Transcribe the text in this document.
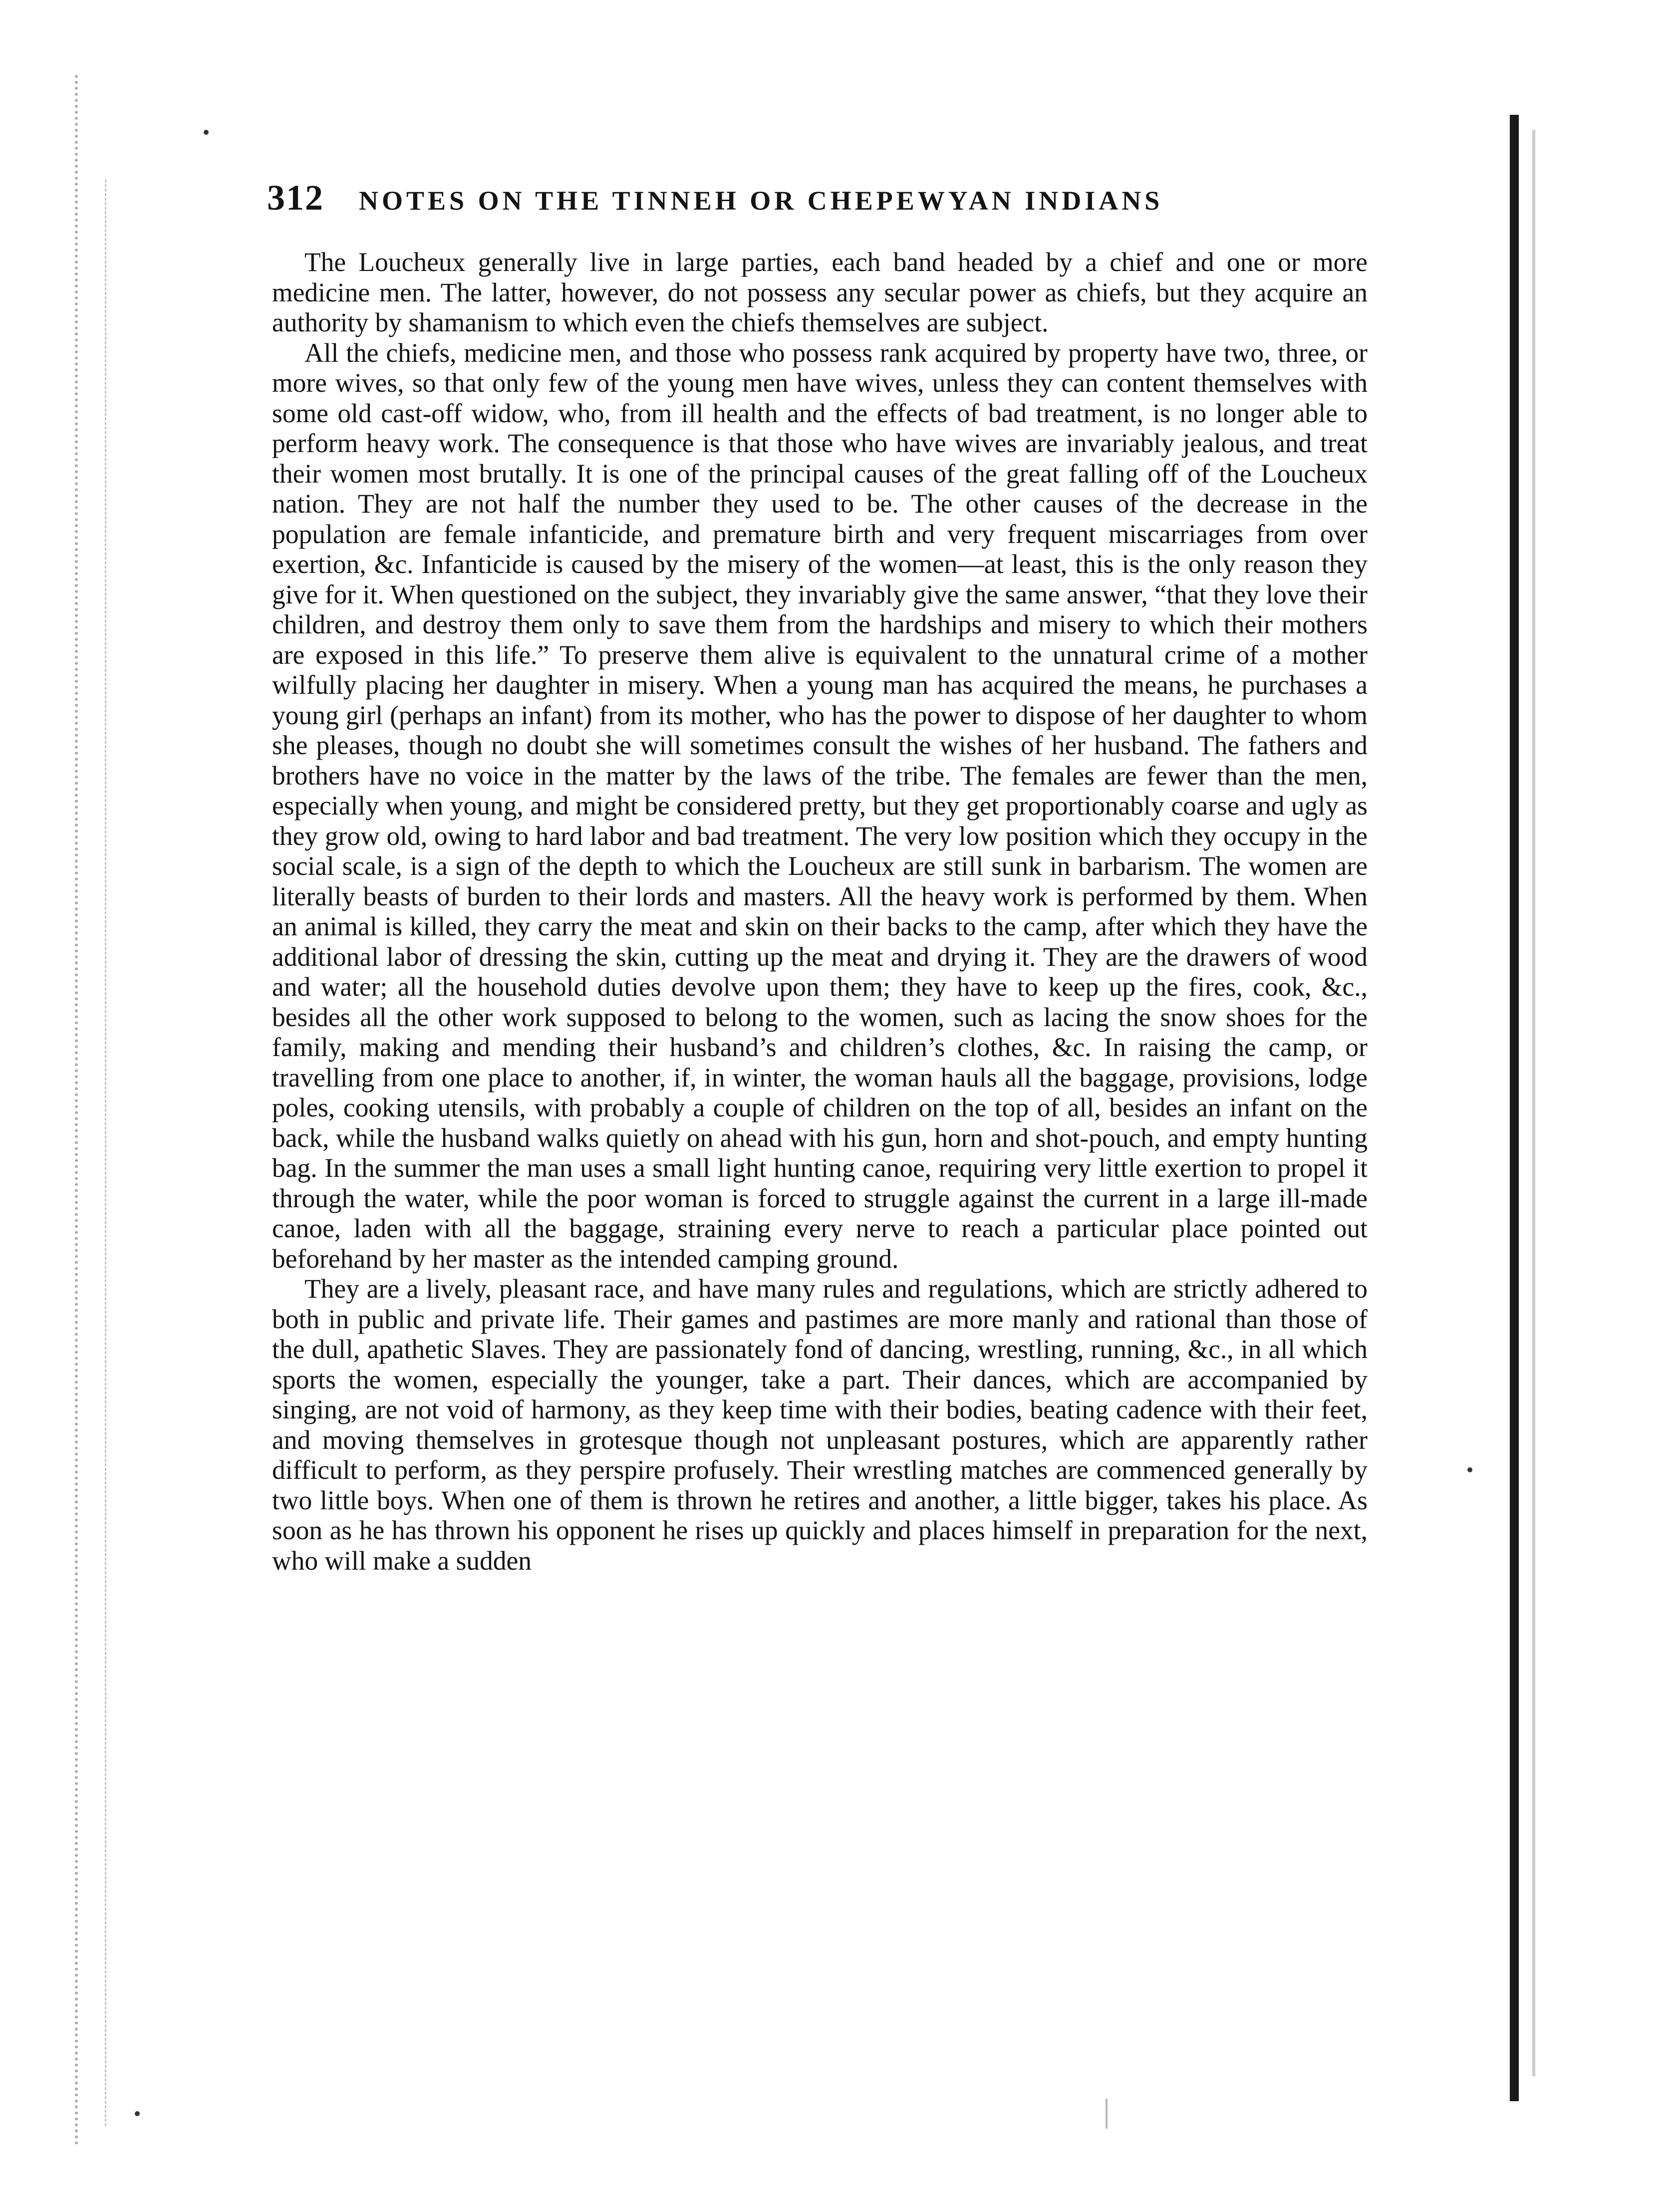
312 NOTES ON THE TINNEH OR CHEPEWYAN INDIANS

The Loucheux generally live in large parties, each band headed by a chief and one or more medicine men. The latter, however, do not possess any secular power as chiefs, but they acquire an authority by shamanism to which even the chiefs themselves are subject.

All the chiefs, medicine men, and those who possess rank acquired by property have two, three, or more wives, so that only few of the young men have wives, unless they can content themselves with some old cast-off widow, who, from ill health and the effects of bad treatment, is no longer able to perform heavy work. The consequence is that those who have wives are invariably jealous, and treat their women most brutally. It is one of the principal causes of the great falling off of the Loucheux nation. They are not half the number they used to be. The other causes of the decrease in the population are female infanticide, and premature birth and very frequent miscarriages from over exertion, &c. Infanticide is caused by the misery of the women—at least, this is the only reason they give for it. When questioned on the subject, they invariably give the same answer, “that they love their children, and destroy them only to save them from the hardships and misery to which their mothers are exposed in this life.” To preserve them alive is equivalent to the unnatural crime of a mother wilfully placing her daughter in misery. When a young man has acquired the means, he purchases a young girl (perhaps an infant) from its mother, who has the power to dispose of her daughter to whom she pleases, though no doubt she will sometimes consult the wishes of her husband. The fathers and brothers have no voice in the matter by the laws of the tribe. The females are fewer than the men, especially when young, and might be considered pretty, but they get proportionably coarse and ugly as they grow old, owing to hard labor and bad treatment. The very low position which they occupy in the social scale, is a sign of the depth to which the Loucheux are still sunk in barbarism. The women are literally beasts of burden to their lords and masters. All the heavy work is performed by them. When an animal is killed, they carry the meat and skin on their backs to the camp, after which they have the additional labor of dressing the skin, cutting up the meat and drying it. They are the drawers of wood and water; all the household duties devolve upon them; they have to keep up the fires, cook, &c., besides all the other work supposed to belong to the women, such as lacing the snow shoes for the family, making and mending their husband’s and children’s clothes, &c. In raising the camp, or travelling from one place to another, if, in winter, the woman hauls all the baggage, provisions, lodge poles, cooking utensils, with probably a couple of children on the top of all, besides an infant on the back, while the husband walks quietly on ahead with his gun, horn and shot-pouch, and empty hunting bag. In the summer the man uses a small light hunting canoe, requiring very little exertion to propel it through the water, while the poor woman is forced to struggle against the current in a large ill-made canoe, laden with all the baggage, straining every nerve to reach a particular place pointed out beforehand by her master as the intended camping ground.

They are a lively, pleasant race, and have many rules and regulations, which are strictly adhered to both in public and private life. Their games and pastimes are more manly and rational than those of the dull, apathetic Slaves. They are passionately fond of dancing, wrestling, running, &c., in all which sports the women, especially the younger, take a part. Their dances, which are accompanied by singing, are not void of harmony, as they keep time with their bodies, beating cadence with their feet, and moving themselves in grotesque though not unpleasant postures, which are apparently rather difficult to perform, as they perspire profusely. Their wrestling matches are commenced generally by two little boys. When one of them is thrown he retires and another, a little bigger, takes his place. As soon as he has thrown his opponent he rises up quickly and places himself in preparation for the next, who will make a sudden
